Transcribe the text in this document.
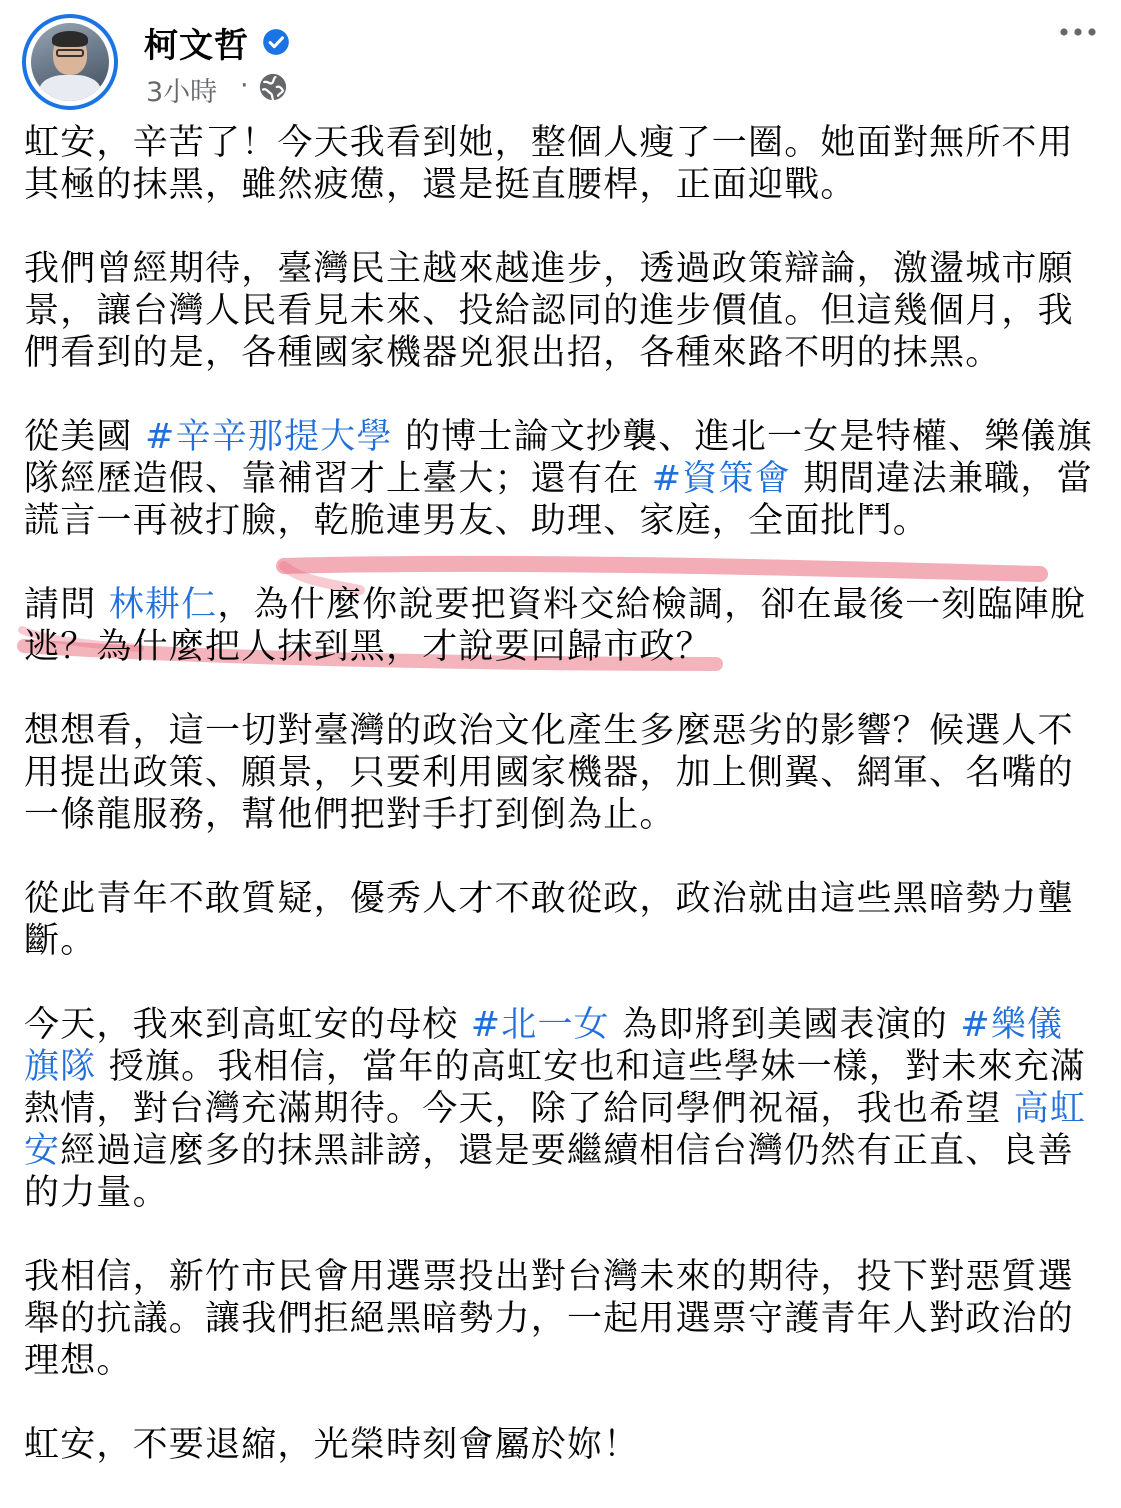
柯文哲
3小時 ·

虹安，辛苦了！今天我看到她，整個人瘦了一圈。她面對無所不用其極的抹黑，雖然疲憊，還是挺直腰桿，正面迎戰。

我們曾經期待，臺灣民主越來越進步，透過政策辯論，激盪城市願景，讓台灣人民看見未來、投給認同的進步價值。但這幾個月，我們看到的是，各種國家機器兇狠出招，各種來路不明的抹黑。

從美國 #辛辛那提大學 的博士論文抄襲、進北一女是特權、樂儀旗隊經歷造假、靠補習才上臺大；還有在 #資策會 期間違法兼職，當謊言一再被打臉，乾脆連男友、助理、家庭，全面批鬥。

請問 林耕仁，為什麼你說要把資料交給檢調，卻在最後一刻臨陣脫逃？為什麼把人抹到黑，才說要回歸市政？

想想看，這一切對臺灣的政治文化產生多麼惡劣的影響？候選人不用提出政策、願景，只要利用國家機器，加上側翼、網軍、名嘴的一條龍服務，幫他們把對手打到倒為止。

從此青年不敢質疑，優秀人才不敢從政，政治就由這些黑暗勢力壟斷。

今天，我來到高虹安的母校 #北一女 為即將到美國表演的 #樂儀旗隊 授旗。我相信，當年的高虹安也和這些學妹一樣，對未來充滿熱情，對台灣充滿期待。今天，除了給同學們祝福，我也希望 高虹安經過這麼多的抹黑誹謗，還是要繼續相信台灣仍然有正直、良善的力量。

我相信，新竹市民會用選票投出對台灣未來的期待，投下對惡質選舉的抗議。讓我們拒絕黑暗勢力，一起用選票守護青年人對政治的理想。

虹安，不要退縮，光榮時刻會屬於妳！
